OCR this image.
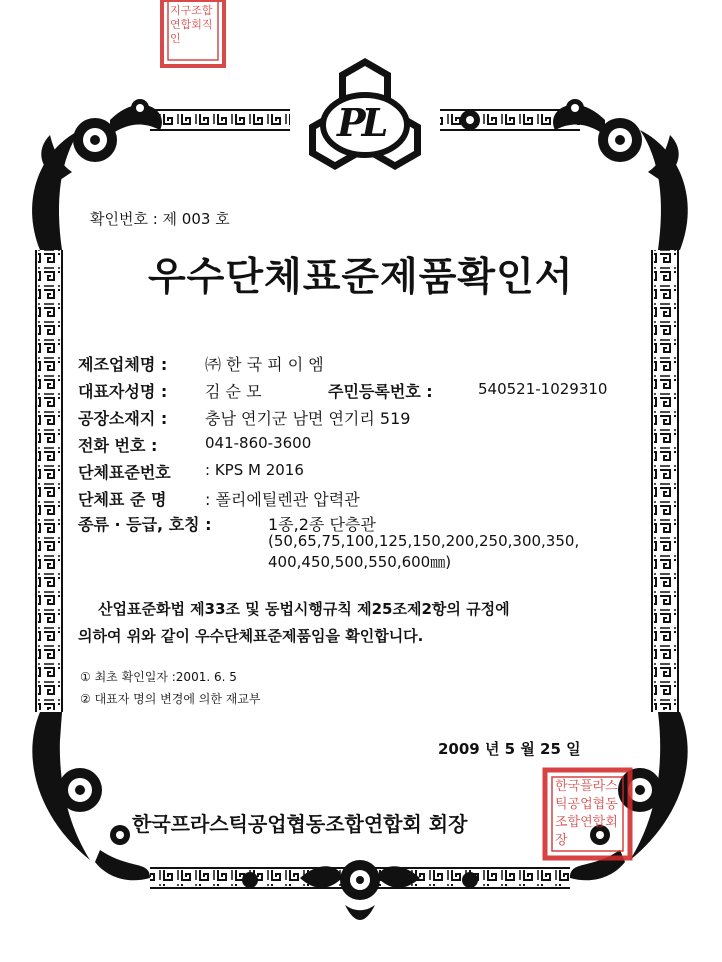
PL
지구조합연합회직인
확인번호 : 제 003 호
우수단체표준제품확인서
제조업체명 : ㈜ 한 국 피 이 엠
대표자성명 : 김 순 모	주민등록번호 :	540521-1029310
공장소재지 : 충남 연기군 남면 연기리 519
전화 번호 :	041-860-3600
단체표준번호 : KPS M 2016
단체표 준 명 : 폴리에틸렌관 압력관
종류 · 등급, 호칭 :	1종,2종 단층관
(50,65,75,100,125,150,200,250,300,350,
400,450,500,550,600㎜)
산업표준화법 제33조 및 동법시행규칙 제25조제2항의 규정에
의하여 위와 같이 우수단체표준제품임을 확인합니다.
① 최초 확인일자 :2001. 6. 5
② 대표자 명의 변경에 의한 재교부
2009 년 5 월 25 일
한국프라스틱공업협동조합연합회 회장
한국플라스틱공업협동조합연합회장
